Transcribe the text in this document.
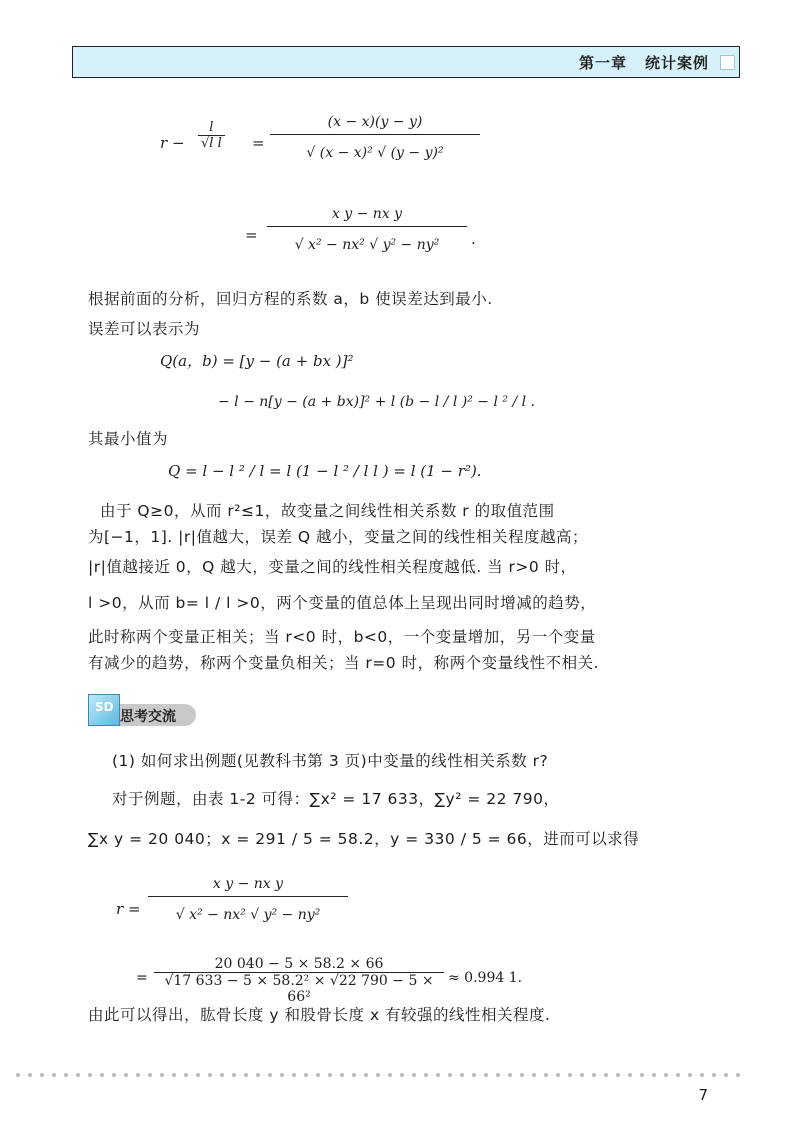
第一章 统计案例
$r - \frac{l}{\text{√l l}} = \frac{(x - x)(y - y)}{\text{√ (x − x)² √ (y − y)²}}$
= $\frac{\text{x y − nx y}}{\text{√ x² − nx² √ y² − ny²}}$ .
根据前面的分析，回归方程的系数 a，b 使误差达到最小.
误差可以表示为
Q(a，b) = [y − (a + bx )]²
− l − n[y − (a + bx)]² + l (b − l / l )² − l ² / l .
其最小值为
Q = l − l ² / l = l (1 − l ² / l l ) = l (1 − r²).
由于 Q≥0，从而 r²≤1，故变量之间线性相关系数 r 的取值范围
为[−1，1]. |r|值越大，误差 Q 越小，变量之间的线性相关程度越高；
|r|值越接近 0，Q 越大，变量之间的线性相关程度越低. 当 r>0 时，
l >0，从而 b= l / l >0，两个变量的值总体上呈现出同时增减的趋势，
此时称两个变量正相关；当 r<0 时，b<0，一个变量增加，另一个变量
有减少的趋势，称两个变量负相关；当 r=0 时，称两个变量线性不相关.
SD
思考交流
(1) 如何求出例题(见教科书第 3 页)中变量的线性相关系数 r?
对于例题，由表 1-2 可得：∑x² = 17 633，∑y² = 22 790，
∑x y = 20 040；x = 291 / 5 = 58.2，y = 330 / 5 = 66，进而可以求得
$r = \frac{\text{x y − nx y}}{\text{√ x² − nx² √ y² − ny²}}$
= $\frac{20 040 - 5 \times 58.2 \times 66}{\text{√17 633 − 5 × 58.2² × √22 790 − 5 × 66²}} \approx 0.994$ 1.
由此可以得出，肱骨长度 y 和股骨长度 x 有较强的线性相关程度.
7
